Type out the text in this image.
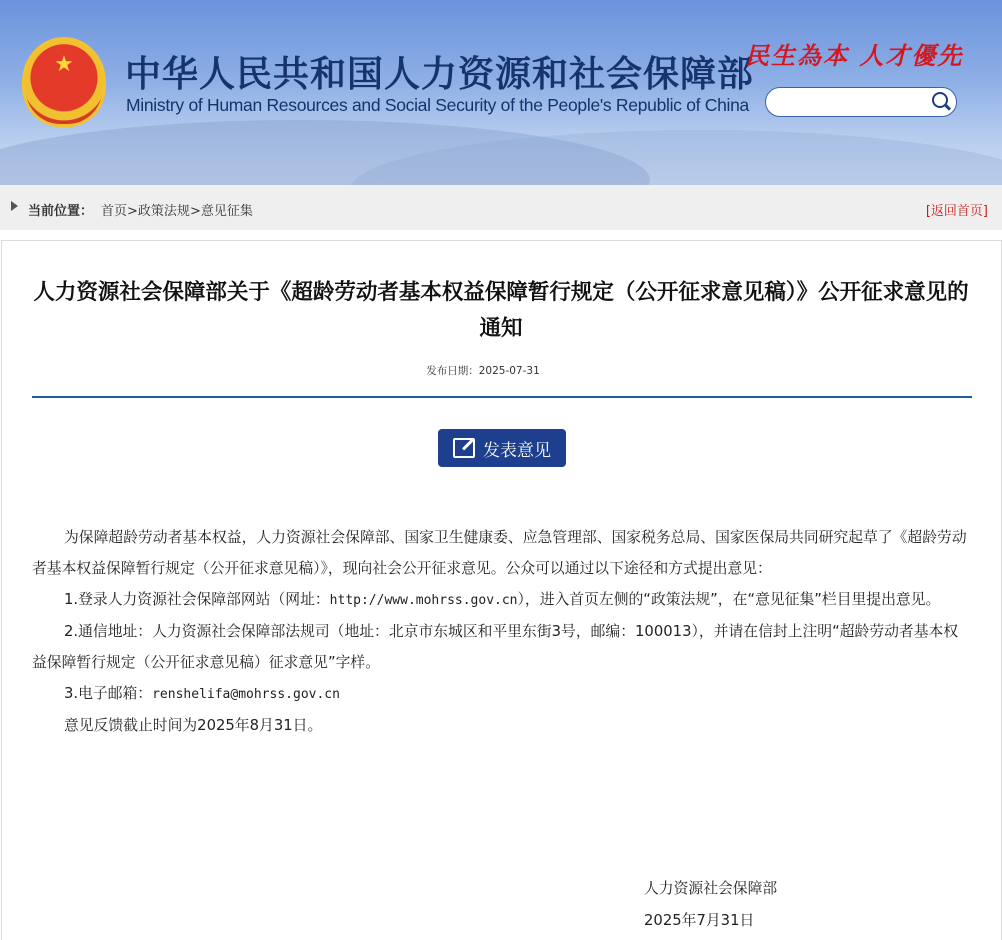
★	中华人民共和国人力资源和社会保障部
Ministry of Human Resources and Social Security of the People's Republic of China
民生為本 人才優先
当前位置： 首页>政策法规>意见征集	[返回首页]
人力资源社会保障部关于《超龄劳动者基本权益保障暂行规定（公开征求意见稿）》公开征求意见的通知
发布日期：2025-07-31
发表意见

为保障超龄劳动者基本权益，人力资源社会保障部、国家卫生健康委、应急管理部、国家税务总局、国家医保局共同研究起草了《超龄劳动者基本权益保障暂行规定（公开征求意见稿）》，现向社会公开征求意见。公众可以通过以下途径和方式提出意见：

1.登录人力资源社会保障部网站（网址：http://www.mohrss.gov.cn），进入首页左侧的“政策法规”，在“意见征集”栏目里提出意见。

2.通信地址：人力资源社会保障部法规司（地址：北京市东城区和平里东街3号，邮编：100013），并请在信封上注明“超龄劳动者基本权益保障暂行规定（公开征求意见稿）征求意见”字样。

3.电子邮箱：renshelifa@mohrss.gov.cn

意见反馈截止时间为2025年8月31日。

人力资源社会保障部
2025年7月31日
